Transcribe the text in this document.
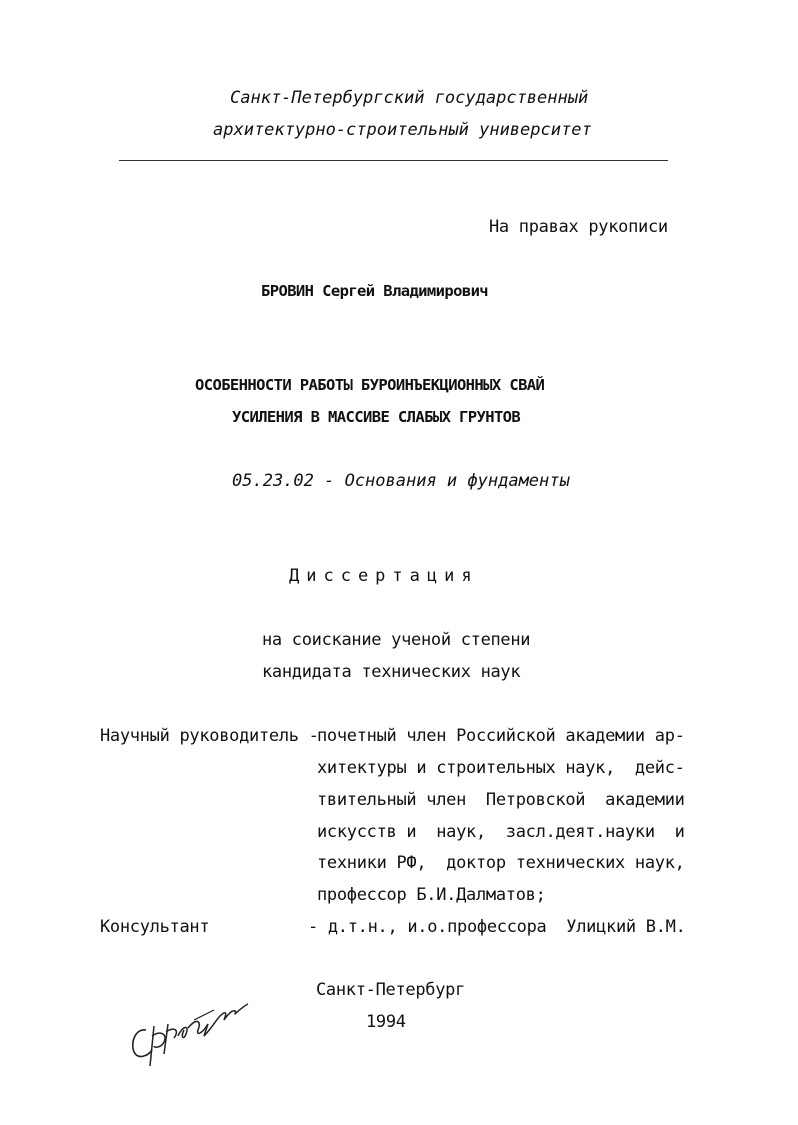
Санкт-Петербургский государственный
архитектурно-строительный университет
На правах рукописи
БРОВИН Сергей Владимирович
ОСОБЕННОСТИ РАБОТЫ БУРОИНЪЕКЦИОННЫХ СВАЙ
УСИЛЕНИЯ В МАССИВЕ СЛАБЫХ ГРУНТОВ
05.23.02 - Основания и фундаменты
Диссертация
на соискание ученой степени
кандидата технических наук
Научный руководитель -
почетный член Российской академии ар-
хитектуры и строительных наук,  дейс-
твительный член  Петровской  академии
искусств и  наук,  засл.деят.науки  и
техники РФ,  доктор технических наук,
профессор Б.И.Далматов;
Консультант	- д.т.н., и.о.профессора  Улицкий В.М.
Санкт-Петербург
1994
